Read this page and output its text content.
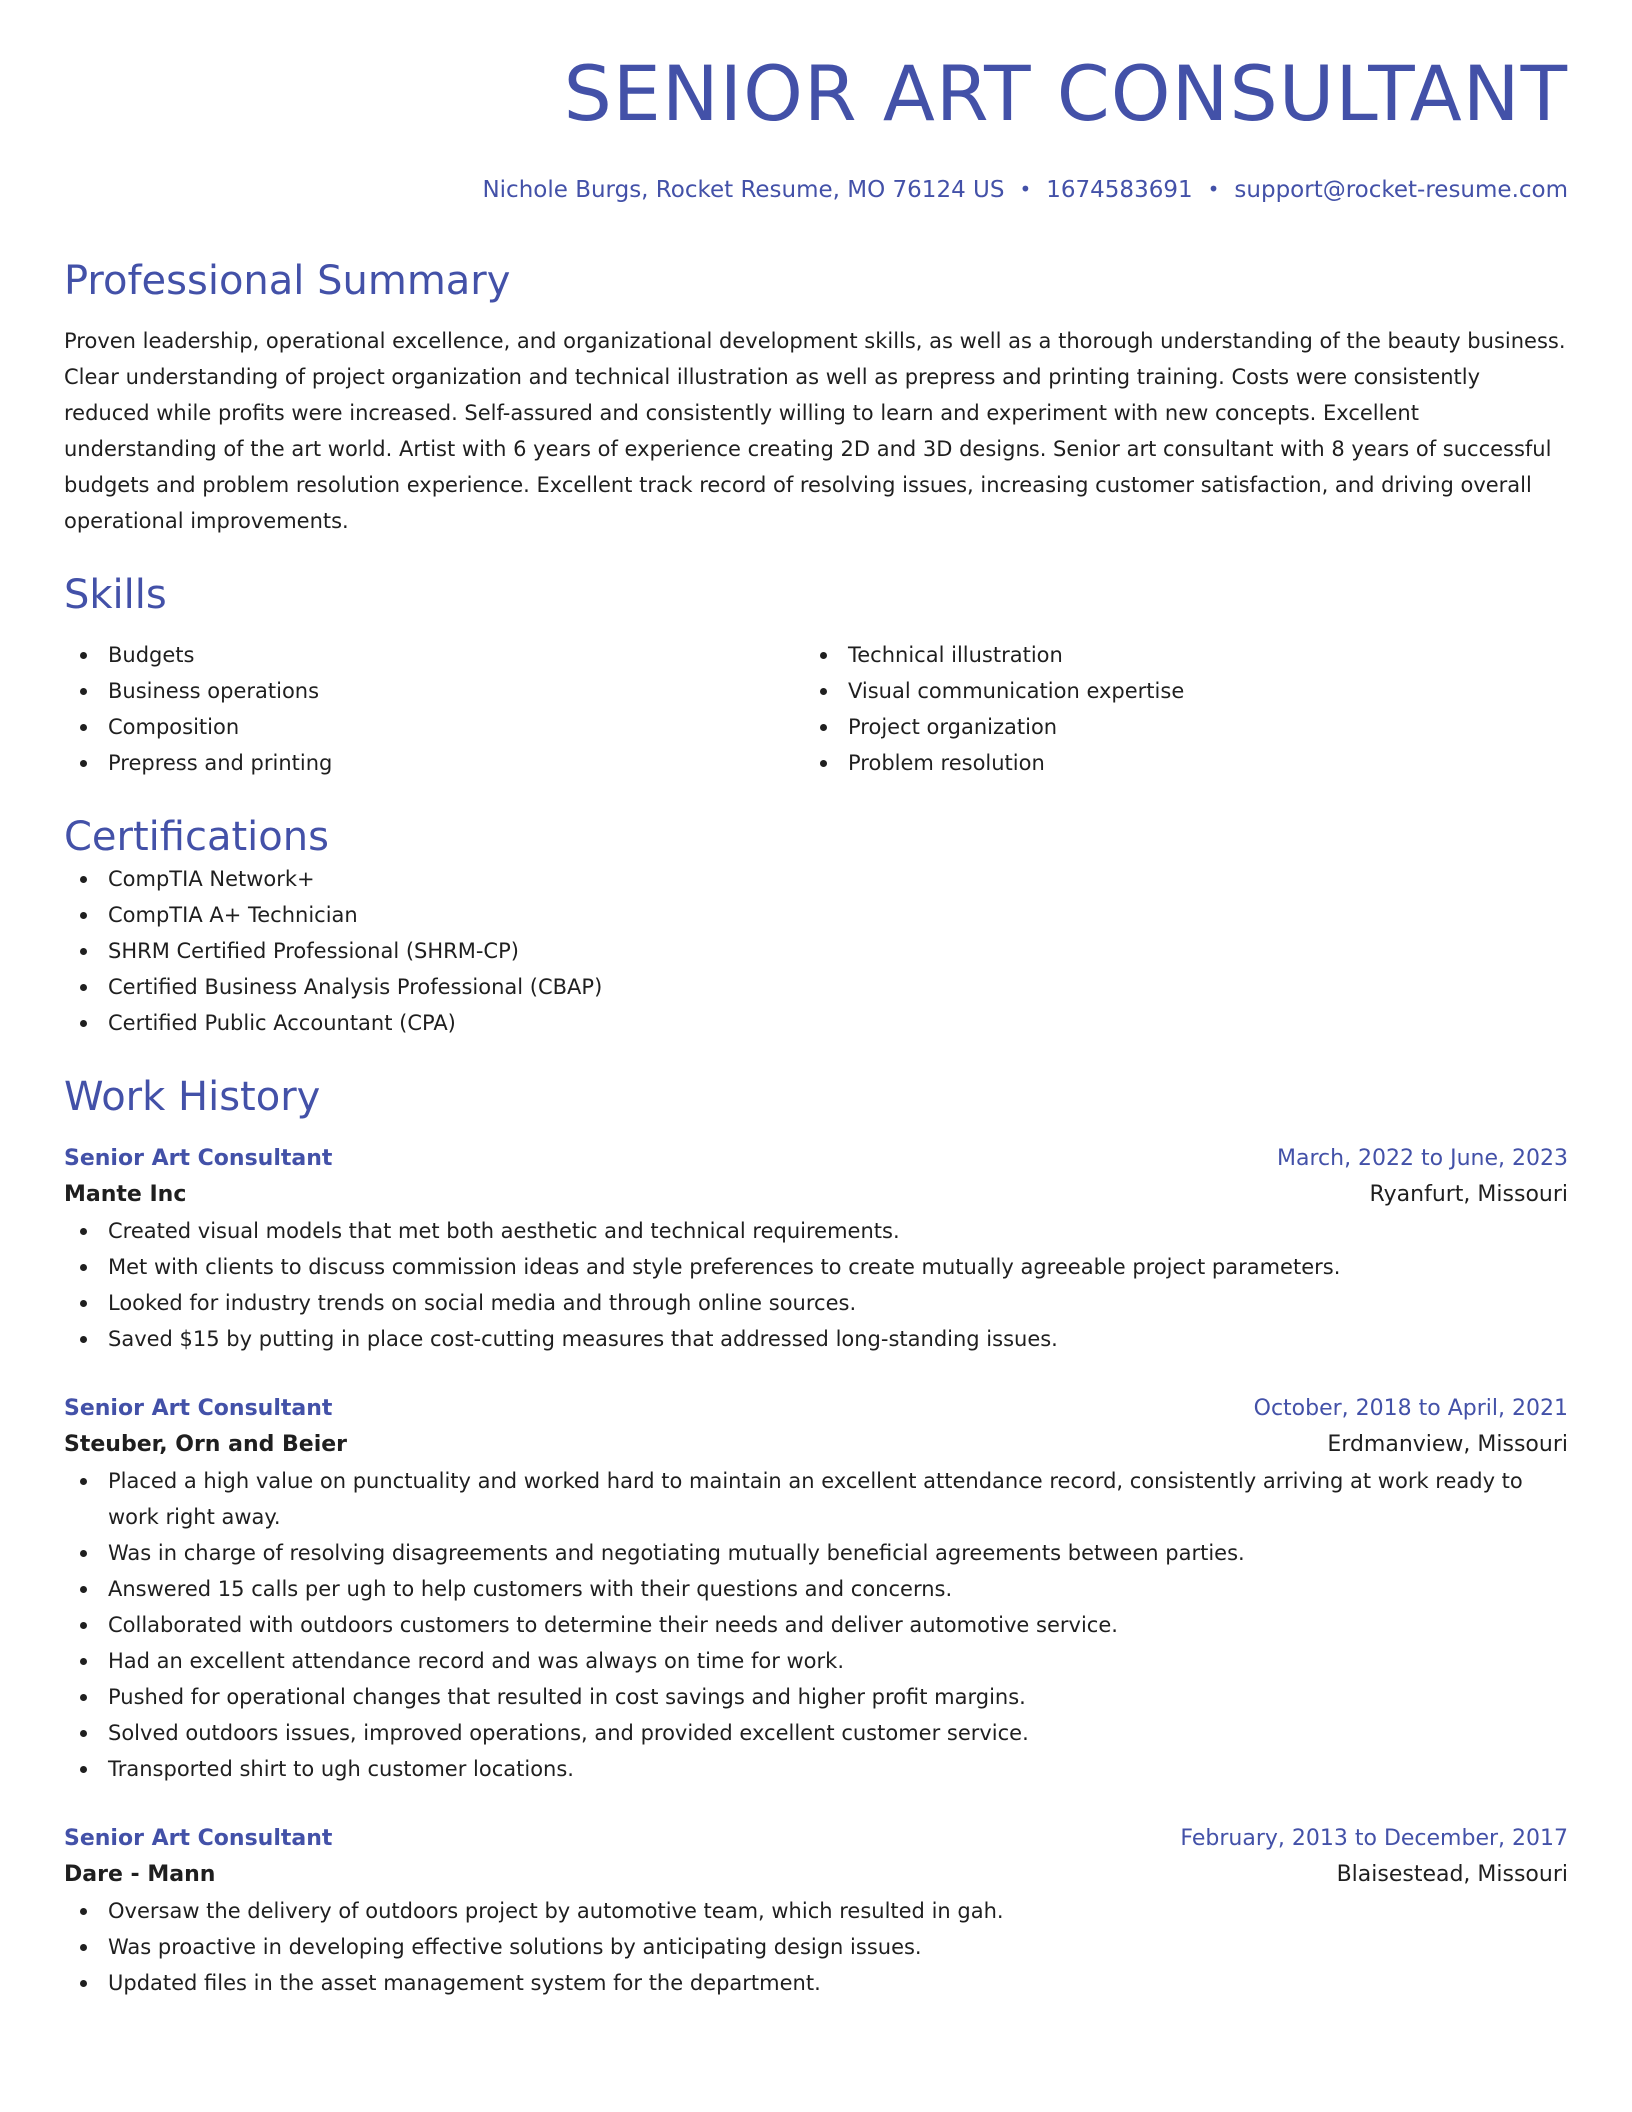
SENIOR ART CONSULTANT
Nichole Burgs, Rocket Resume, MO 76124 US • 1674583691 • support@rocket-resume.com
Professional Summary
Proven leadership, operational excellence, and organizational development skills, as well as a thorough understanding of the beauty business. Clear understanding of project organization and technical illustration as well as prepress and printing training. Costs were consistently reduced while profits were increased. Self-assured and consistently willing to learn and experiment with new concepts. Excellent understanding of the art world. Artist with 6 years of experience creating 2D and 3D designs. Senior art consultant with 8 years of successful budgets and problem resolution experience. Excellent track record of resolving issues, increasing customer satisfaction, and driving overall operational improvements.
Skills
Budgets
Business operations
Composition
Prepress and printing
Technical illustration
Visual communication expertise
Project organization
Problem resolution
Certifications
CompTIA Network+
CompTIA A+ Technician
SHRM Certified Professional (SHRM-CP)
Certified Business Analysis Professional (CBAP)
Certified Public Accountant (CPA)
Work History
Senior Art Consultant	March, 2022 to June, 2023
Mante Inc	Ryanfurt, Missouri
Created visual models that met both aesthetic and technical requirements.
Met with clients to discuss commission ideas and style preferences to create mutually agreeable project parameters.
Looked for industry trends on social media and through online sources.
Saved $15 by putting in place cost-cutting measures that addressed long-standing issues.
Senior Art Consultant	October, 2018 to April, 2021
Steuber, Orn and Beier	Erdmanview, Missouri
Placed a high value on punctuality and worked hard to maintain an excellent attendance record, consistently arriving at work ready to work right away.
Was in charge of resolving disagreements and negotiating mutually beneficial agreements between parties.
Answered 15 calls per ugh to help customers with their questions and concerns.
Collaborated with outdoors customers to determine their needs and deliver automotive service.
Had an excellent attendance record and was always on time for work.
Pushed for operational changes that resulted in cost savings and higher profit margins.
Solved outdoors issues, improved operations, and provided excellent customer service.
Transported shirt to ugh customer locations.
Senior Art Consultant	February, 2013 to December, 2017
Dare - Mann	Blaisestead, Missouri
Oversaw the delivery of outdoors project by automotive team, which resulted in gah.
Was proactive in developing effective solutions by anticipating design issues.
Updated files in the asset management system for the department.
